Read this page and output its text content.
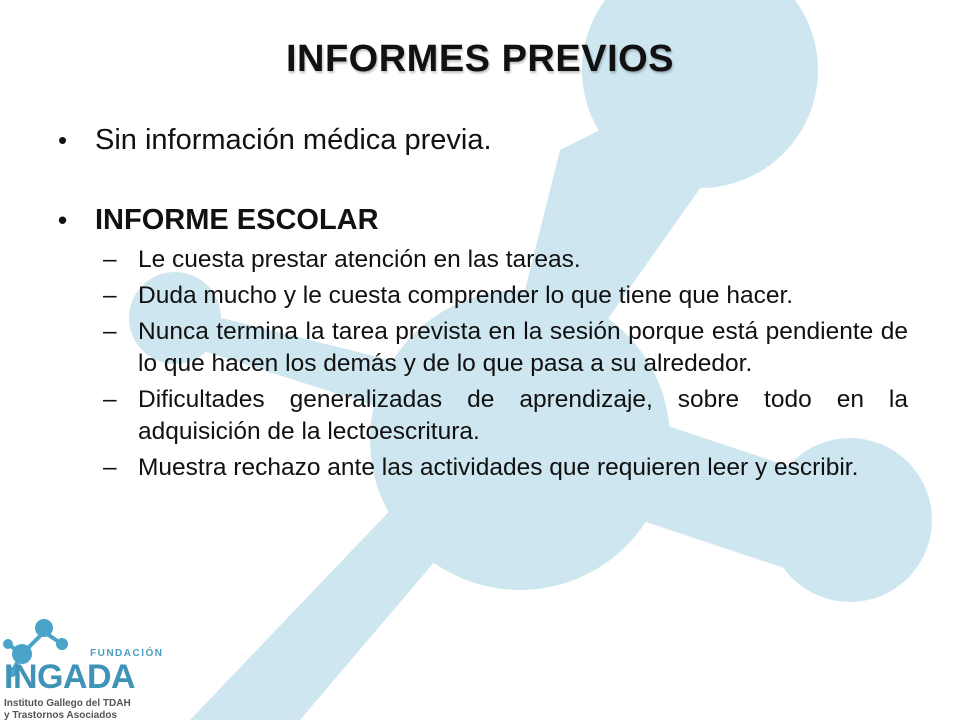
INFORMES PREVIOS
• Sin información médica previa.
• INFORME ESCOLAR
– Le cuesta prestar atención en las tareas.
– Duda mucho y le cuesta comprender lo que tiene que hacer.
– Nunca termina la tarea prevista en la sesión porque está pendiente de lo que hacen los demás y de lo que pasa a su alrededor.
– Dificultades generalizadas de aprendizaje, sobre todo en la adquisición de la lectoescritura.
– Muestra rechazo ante las actividades que requieren leer y escribir.
FUNDACIÓN
INGADA
Instituto Gallego del TDAH
y Trastornos Asociados
